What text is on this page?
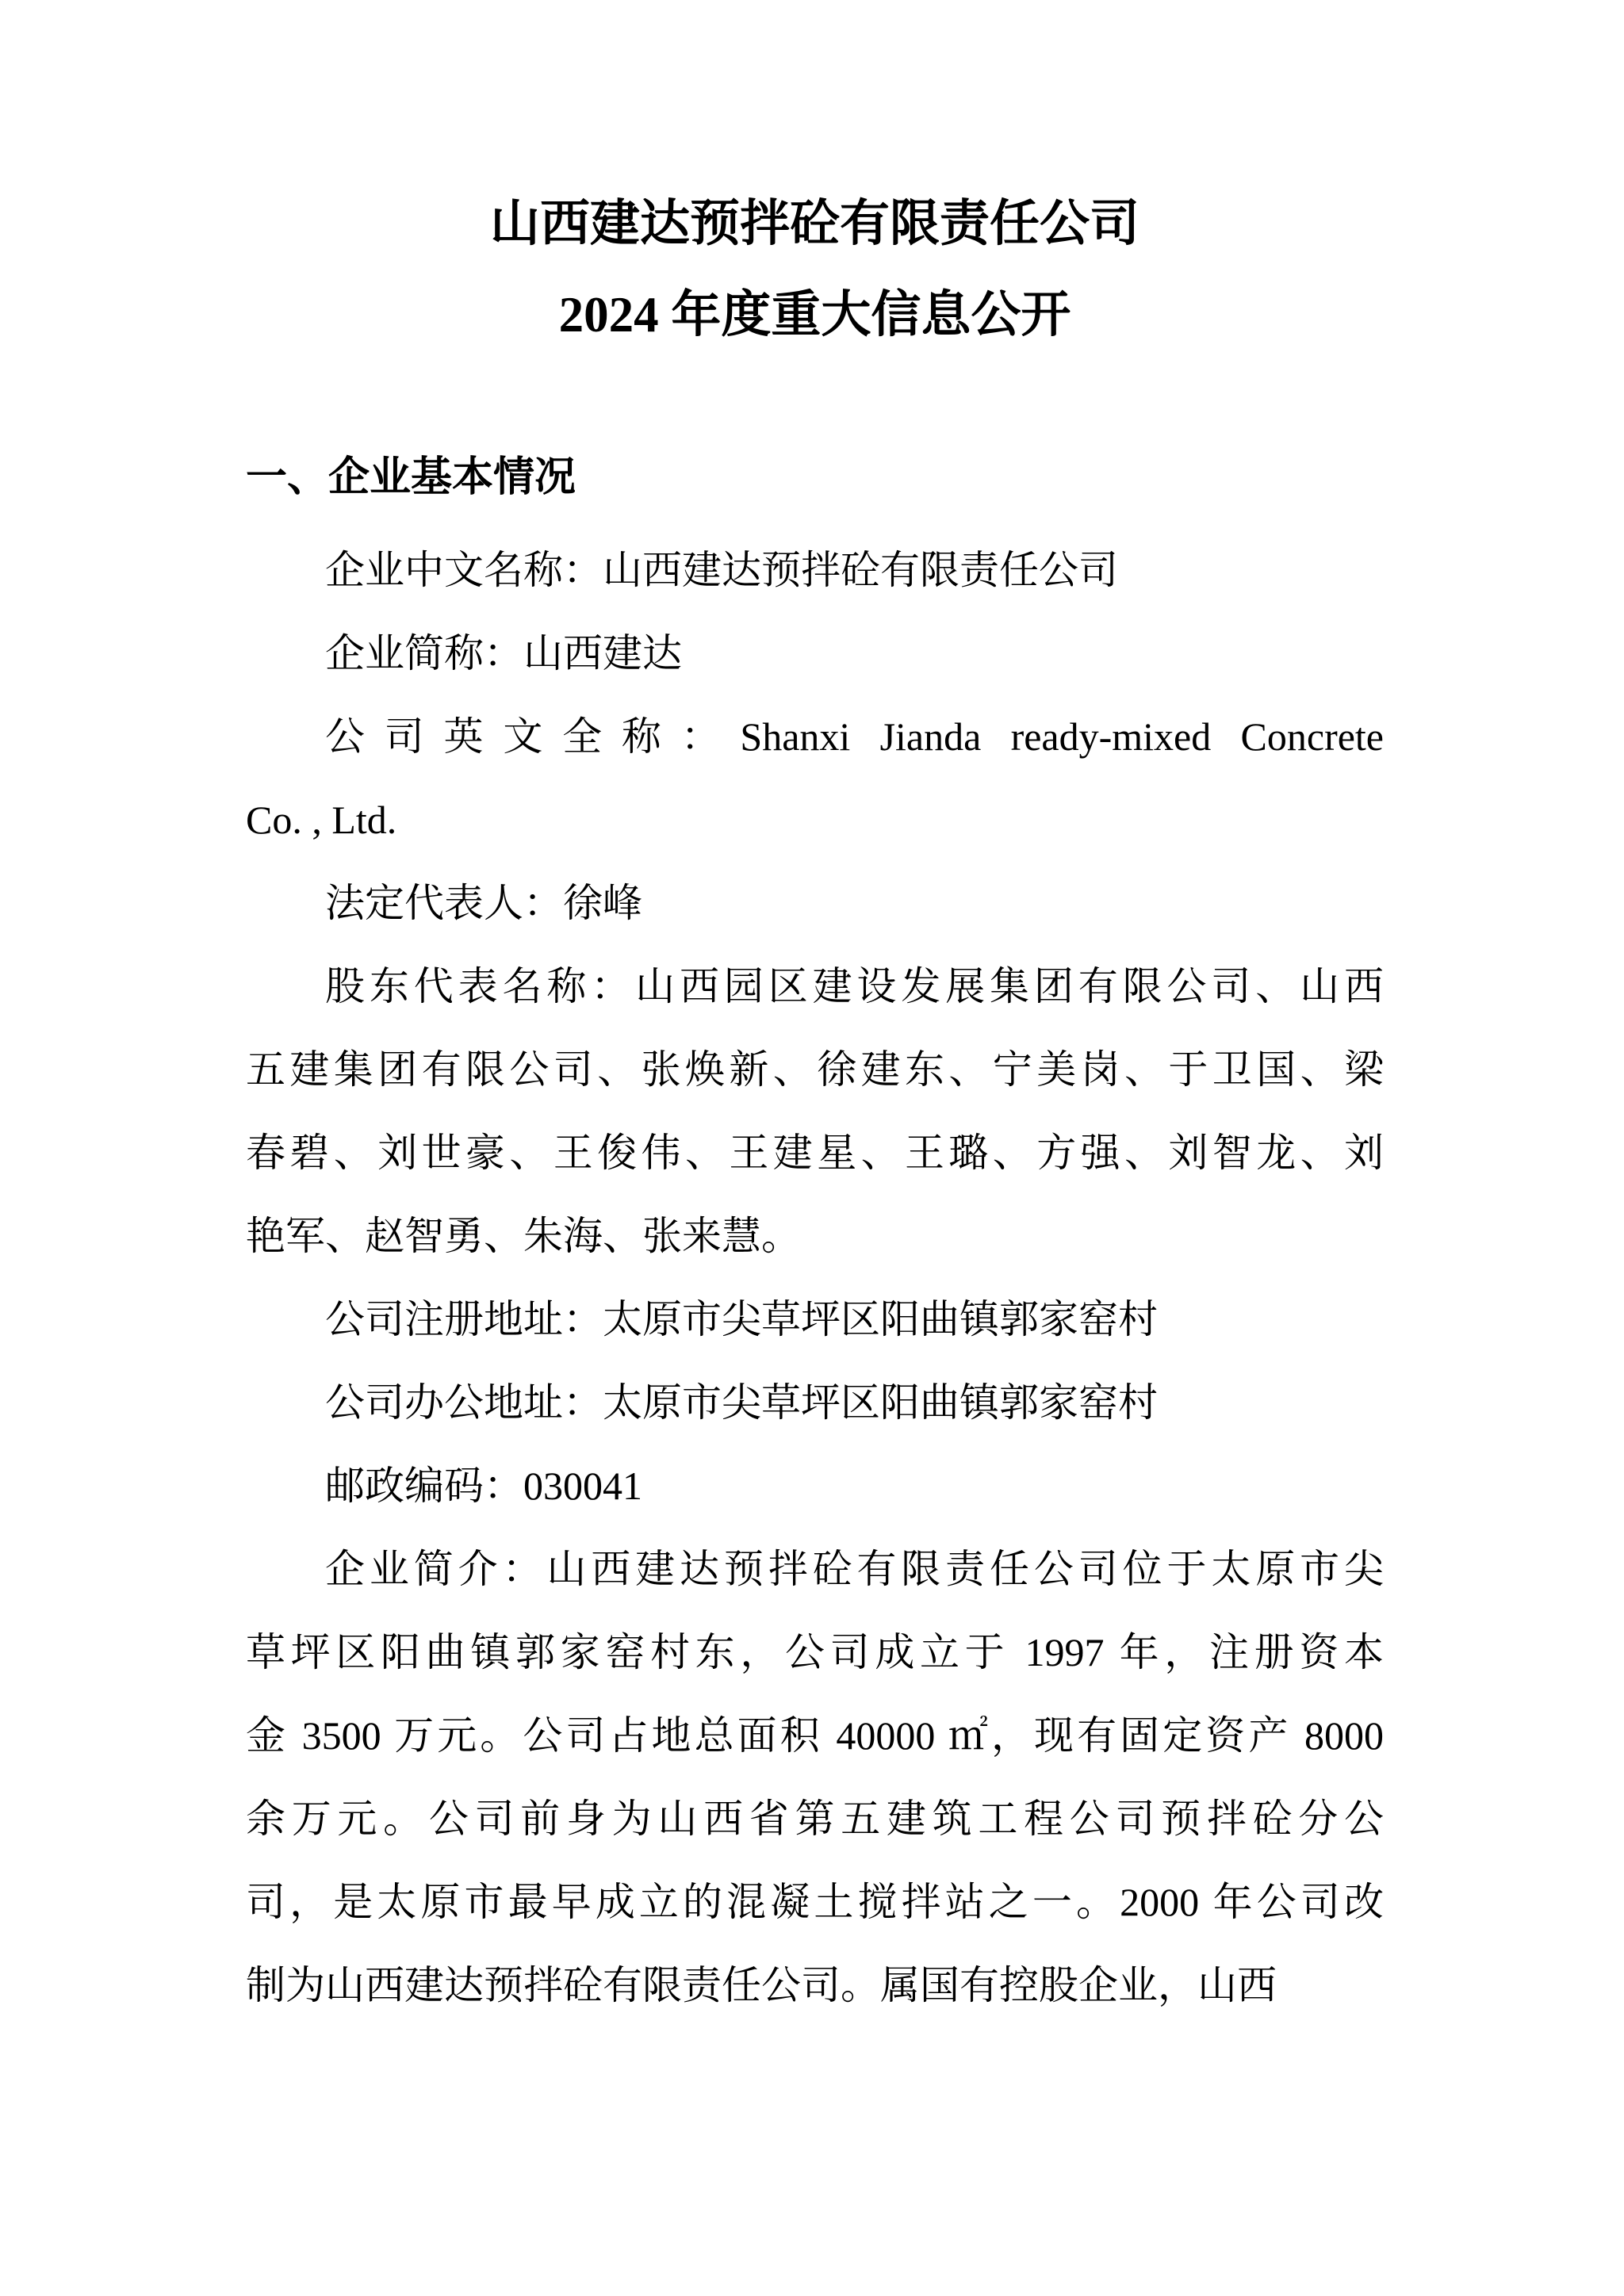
山西建达预拌砼有限责任公司
2024 年度重大信息公开
一、企业基本情况
企业中文名称：山西建达预拌砼有限责任公司
企业简称：山西建达
公司英文全称：Shanxi Jianda ready-mixed Concrete
Co. , Ltd.
法定代表人：徐峰
股东代表名称：山西园区建设发展集团有限公司、山西
五建集团有限公司、张焕新、徐建东、宁美岗、于卫国、梁
春碧、刘世豪、王俊伟、王建星、王璐、方强、刘智龙、刘
艳军、赵智勇、朱海、张来慧。
公司注册地址：太原市尖草坪区阳曲镇郭家窑村
公司办公地址：太原市尖草坪区阳曲镇郭家窑村
邮政编码：030041
企业简介：山西建达预拌砼有限责任公司位于太原市尖
草坪区阳曲镇郭家窑村东，公司成立于 1997 年，注册资本
金 3500 万元。公司占地总面积 40000 ㎡，现有固定资产 8000
余万元。公司前身为山西省第五建筑工程公司预拌砼分公
司，是太原市最早成立的混凝土搅拌站之一。2000 年公司改
制为山西建达预拌砼有限责任公司。属国有控股企业，山西
